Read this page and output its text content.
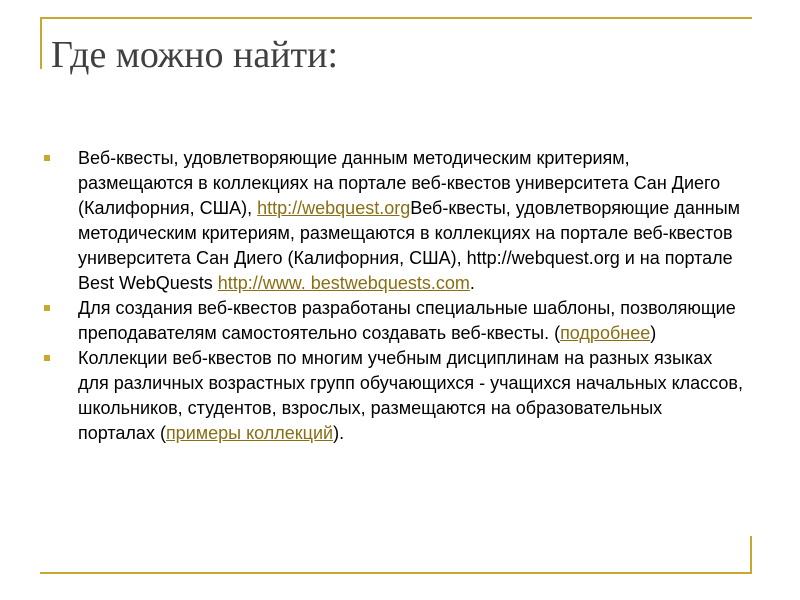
Где можно найти:
Веб-квесты, удовлетворяющие данным методическим критериям, размещаются в коллекциях на портале веб-квестов университета Сан Диего (Калифорния, США), http://webquest.orgВеб-квесты, удовлетворяющие данным методическим критериям, размещаются в коллекциях на портале веб-квестов университета Сан Диего (Калифорния, США), http://webquest.org и на портале Best WebQuests http://www. bestwebquests.com.
Для создания веб-квестов разработаны специальные шаблоны, позволяющие преподавателям самостоятельно создавать веб-квесты. (подробнее)
Коллекции веб-квестов по многим учебным дисциплинам на разных языках для различных возрастных групп обучающихся - учащихся начальных классов, школьников, студентов, взрослых, размещаются на образовательных порталах (примеры коллекций).
